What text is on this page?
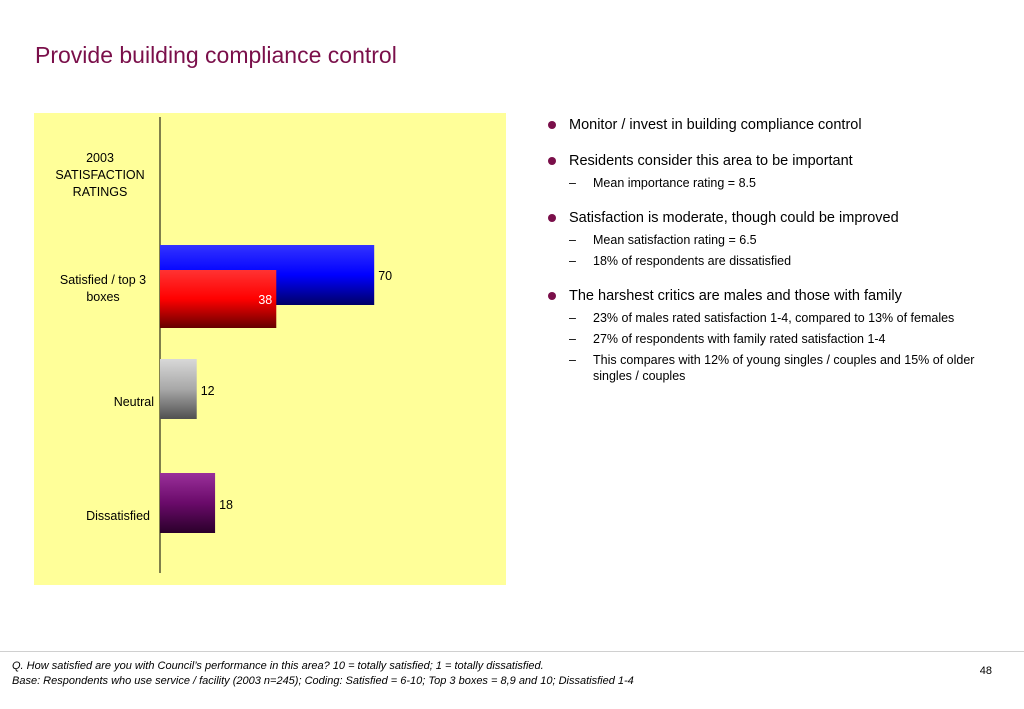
Provide building compliance control
2003
SATISFACTION
RATINGS
Satisfied / top 3
boxes
Neutral
Dissatisfied
70
38
12
18
Monitor / invest in building compliance control
Residents consider this area to be important
– Mean importance rating = 8.5
Satisfaction is moderate, though could be improved
– Mean satisfaction rating = 6.5
– 18% of respondents are dissatisfied
The harshest critics are males and those with family
– 23% of males rated satisfaction 1-4, compared to 13% of females
– 27% of respondents with family rated satisfaction 1-4
– This compares with 12% of young singles / couples and 15% of older singles / couples
Q. How satisfied are you with Council’s performance in this area? 10 = totally satisfied; 1 = totally dissatisfied.
Base: Respondents who use service / facility (2003 n=245); Coding: Satisfied = 6-10; Top 3 boxes = 8,9 and 10; Dissatisfied 1-4
48
